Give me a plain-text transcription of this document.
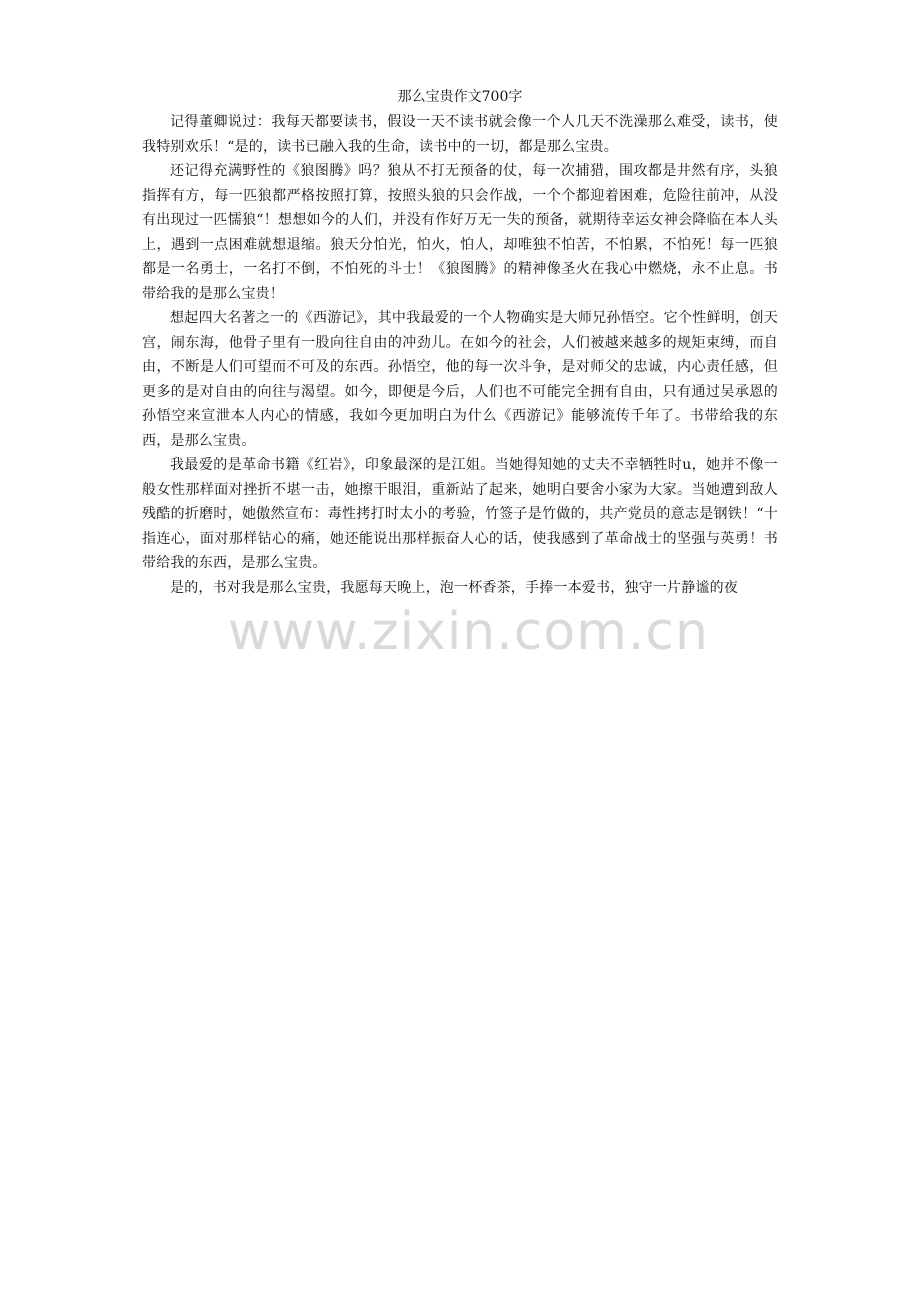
那么宝贵作文700字

记得董卿说过：我每天都要读书，假设一天不读书就会像一个人几天不洗澡那么难受，读书，使我特别欢乐！“是的，读书已融入我的生命，读书中的一切，都是那么宝贵。

还记得充满野性的《狼图腾》吗？狼从不打无预备的仗，每一次捕猎，围攻都是井然有序，头狼指挥有方，每一匹狼都严格按照打算，按照头狼的只会作战，一个个都迎着困难，危险往前冲，从没有出现过一匹懦狼“！想想如今的人们，并没有作好万无一失的预备，就期待幸运女神会降临在本人头上，遇到一点困难就想退缩。狼天分怕光，怕火，怕人，却唯独不怕苦，不怕累，不怕死！每一匹狼都是一名勇士，一名打不倒，不怕死的斗士！《狼图腾》的精神像圣火在我心中燃烧，永不止息。书带给我的是那么宝贵！

想起四大名著之一的《西游记》，其中我最爱的一个人物确实是大师兄孙悟空。它个性鲜明，创天宫，闹东海，他骨子里有一股向往自由的冲劲儿。在如今的社会，人们被越来越多的规矩束缚，而自由，不断是人们可望而不可及的东西。孙悟空，他的每一次斗争，是对师父的忠诚，内心责任感，但更多的是对自由的向往与渴望。如今，即便是今后，人们也不可能完全拥有自由，只有通过吴承恩的孙悟空来宣泄本人内心的情感，我如今更加明白为什么《西游记》能够流传千年了。书带给我的东西，是那么宝贵。

我最爱的是革命书籍《红岩》，印象最深的是江姐。当她得知她的丈夫不幸牺牲时u，她并不像一般女性那样面对挫折不堪一击，她擦干眼泪，重新站了起来，她明白要舍小家为大家。当她遭到敌人残酷的折磨时，她傲然宣布：毒性拷打时太小的考验，竹签子是竹做的，共产党员的意志是钢铁！“十指连心，面对那样钻心的痛，她还能说出那样振奋人心的话，使我感到了革命战士的坚强与英勇！书带给我的东西，是那么宝贵。

是的，书对我是那么宝贵，我愿每天晚上，泡一杯香茶，手捧一本爱书，独守一片静谧的夜

www.zixin.com.cn
